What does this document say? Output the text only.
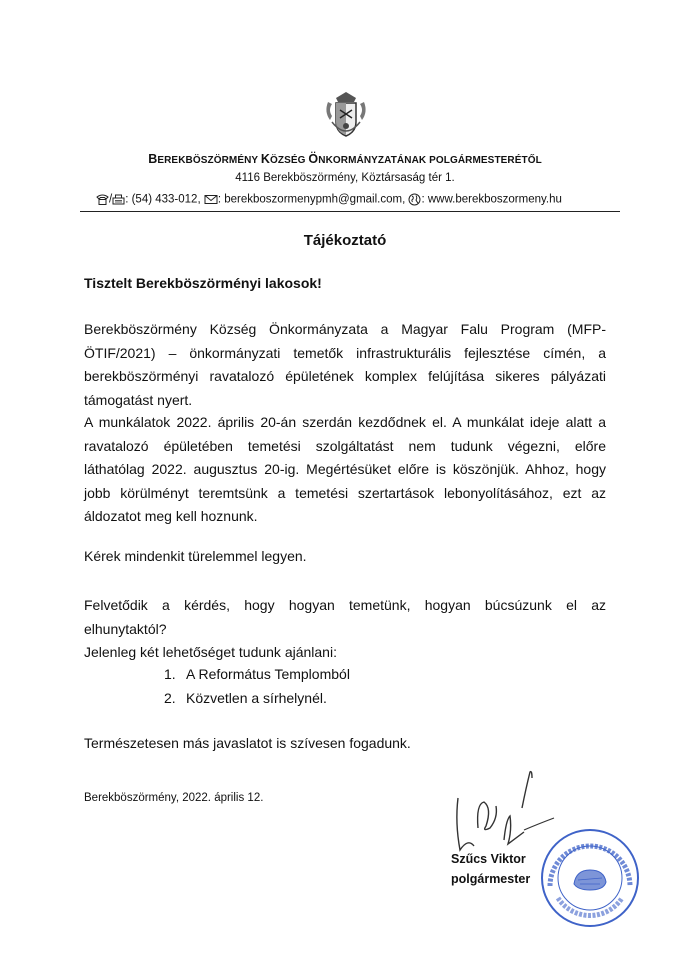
BEREKBÖSZÖRMÉNY KÖZSÉG ÖNKORMÁNYZATÁNAK POLGÁRMESTERÉTŐL
4116 Berekböszörmény, Köztársaság tér 1.
/ : (54) 433-012, : berekboszormenypmh@gmail.com, : www.berekboszormeny.hu
Tájékoztató
Tisztelt Berekböszörményi lakosok!
Berekböszörmény Község Önkormányzata a Magyar Falu Program (MFP-
ÖTIF/2021) – önkormányzati temetők infrastrukturális fejlesztése címén, a
berekböszörményi ravatalozó épületének komplex felújítása sikeres pályázati
támogatást nyert.
A munkálatok 2022. április 20-án szerdán kezdődnek el. A munkálat ideje alatt a
ravatalozó épületében temetési szolgáltatást nem tudunk végezni, előre
láthatólag 2022. augusztus 20-ig. Megértésüket előre is köszönjük. Ahhoz, hogy
jobb körülményt teremtsünk a temetési szertartások lebonyolításához, ezt az
áldozatot meg kell hoznunk.
Kérek mindenkit türelemmel legyen.
Felvetődik a kérdés, hogy hogyan temetünk, hogyan búcsúzunk el az
elhunytaktól?
Jelenleg két lehetőséget tudunk ajánlani:
1. A Református Templomból
2. Közvetlen a sírhelynél.
Természetesen más javaslatot is szívesen fogadunk.
Berekböszörmény, 2022. április 12.
Szűcs Viktor
polgármester
